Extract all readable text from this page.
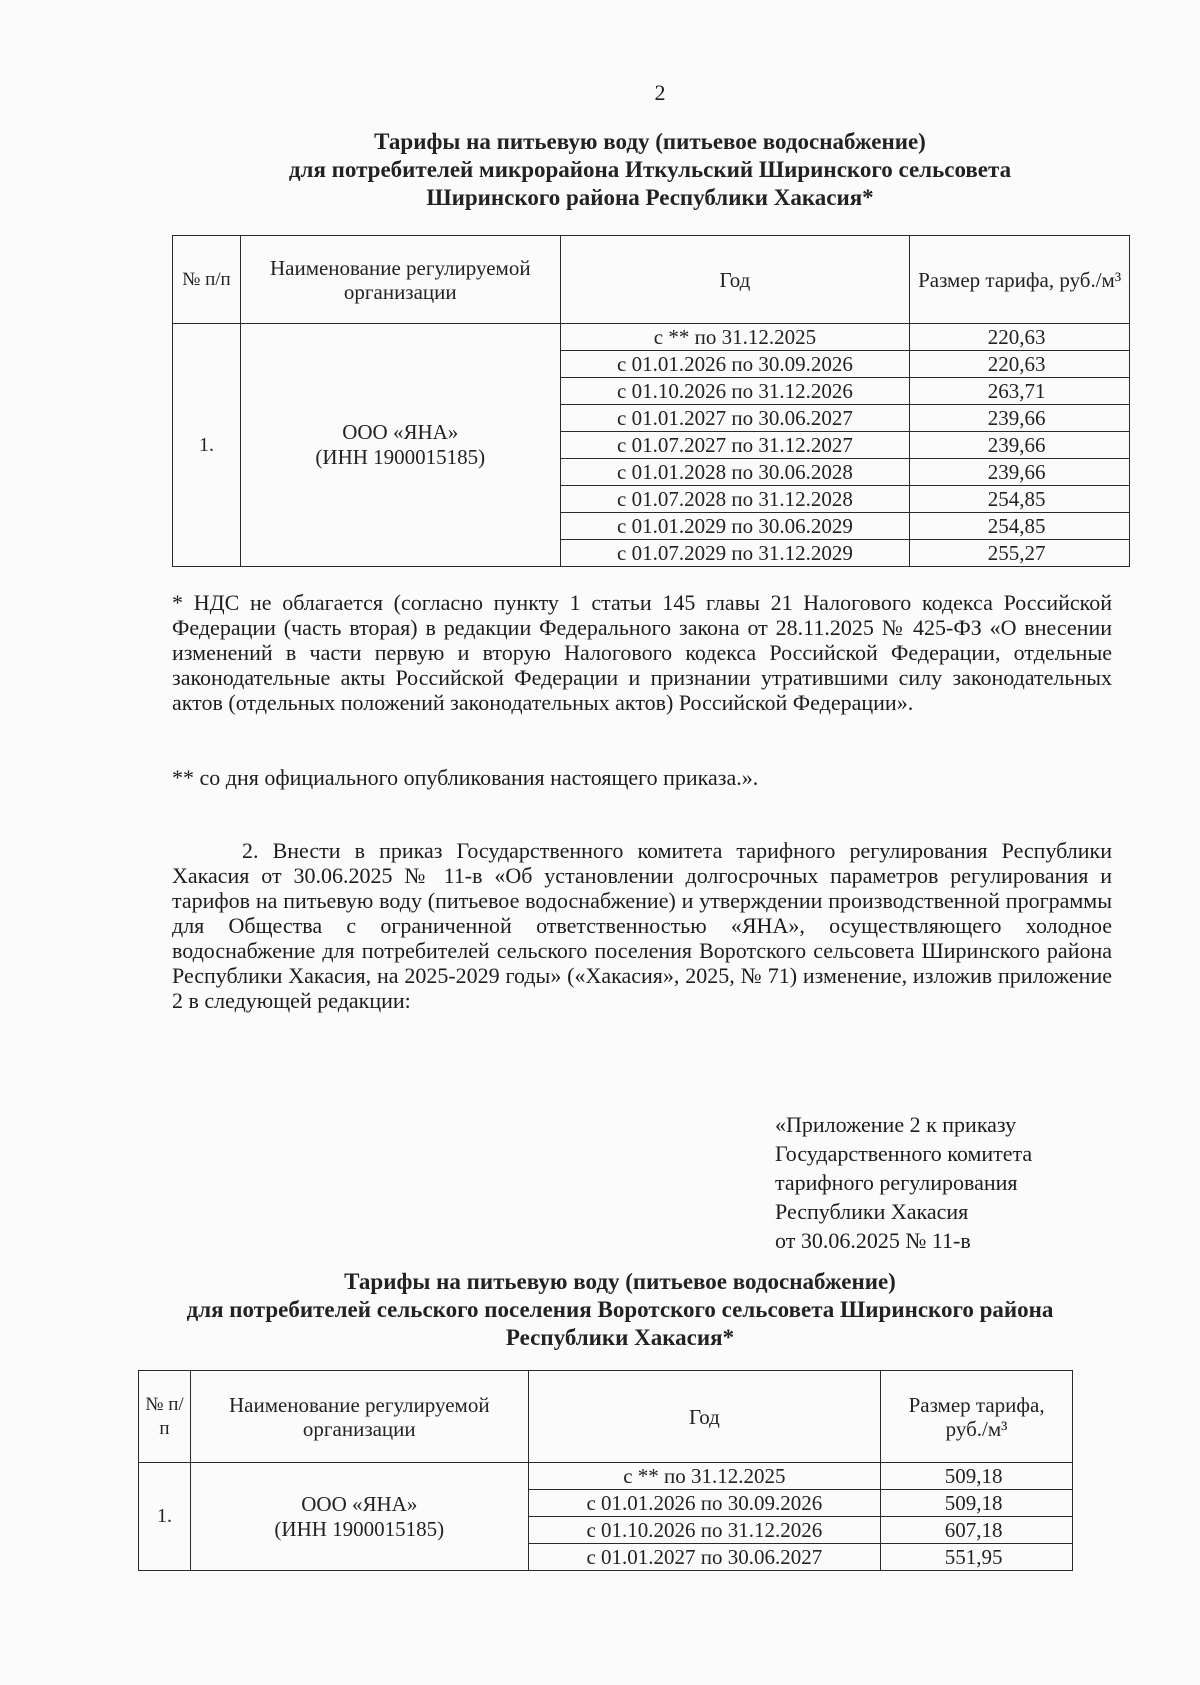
2
Тарифы на питьевую воду (питьевое водоснабжение)
для потребителей микрорайона Иткульский Ширинского сельсовета
Ширинского района Республики Хакасия*
№ п/п	Наименование регулируемой организации	Год	Размер тарифа, руб./м³
1.	ООО «ЯНА»
(ИНН 1900015185)	с ** по 31.12.2025	220,63
		с 01.01.2026 по 30.09.2026	220,63
		с 01.10.2026 по 31.12.2026	263,71
		с 01.01.2027 по 30.06.2027	239,66
		с 01.07.2027 по 31.12.2027	239,66
		с 01.01.2028 по 30.06.2028	239,66
		с 01.07.2028 по 31.12.2028	254,85
		с 01.01.2029 по 30.06.2029	254,85
		с 01.07.2029 по 31.12.2029	255,27
* НДС не облагается (согласно пункту 1 статьи 145 главы 21 Налогового кодекса Российской Федерации (часть вторая) в редакции Федерального закона от 28.11.2025 № 425-ФЗ «О внесении изменений в части первую и вторую Налогового кодекса Российской Федерации, отдельные законодательные акты Российской Федерации и признании утратившими силу законодательных актов (отдельных положений законодательных актов) Российской Федерации».
** со дня официального опубликования настоящего приказа.».
2. Внести в приказ Государственного комитета тарифного регулирования Республики Хакасия от 30.06.2025 № 11-в «Об установлении долгосрочных параметров регулирования и тарифов на питьевую воду (питьевое водоснабжение) и утверждении производственной программы для Общества с ограниченной ответственностью «ЯНА», осуществляющего холодное водоснабжение для потребителей сельского поселения Воротского сельсовета Ширинского района Республики Хакасия, на 2025-2029 годы» («Хакасия», 2025, № 71) изменение, изложив приложение 2 в следующей редакции:
«Приложение 2 к приказу
Государственного комитета
тарифного регулирования
Республики Хакасия
от 30.06.2025 № 11-в
Тарифы на питьевую воду (питьевое водоснабжение)
для потребителей сельского поселения Воротского сельсовета Ширинского района
Республики Хакасия*
№ п/п	Наименование регулируемой организации	Год	Размер тарифа, руб./м³
1.	ООО «ЯНА»
(ИНН 1900015185)	с ** по 31.12.2025	509,18
		с 01.01.2026 по 30.09.2026	509,18
		с 01.10.2026 по 31.12.2026	607,18
		с 01.01.2027 по 30.06.2027	551,95
